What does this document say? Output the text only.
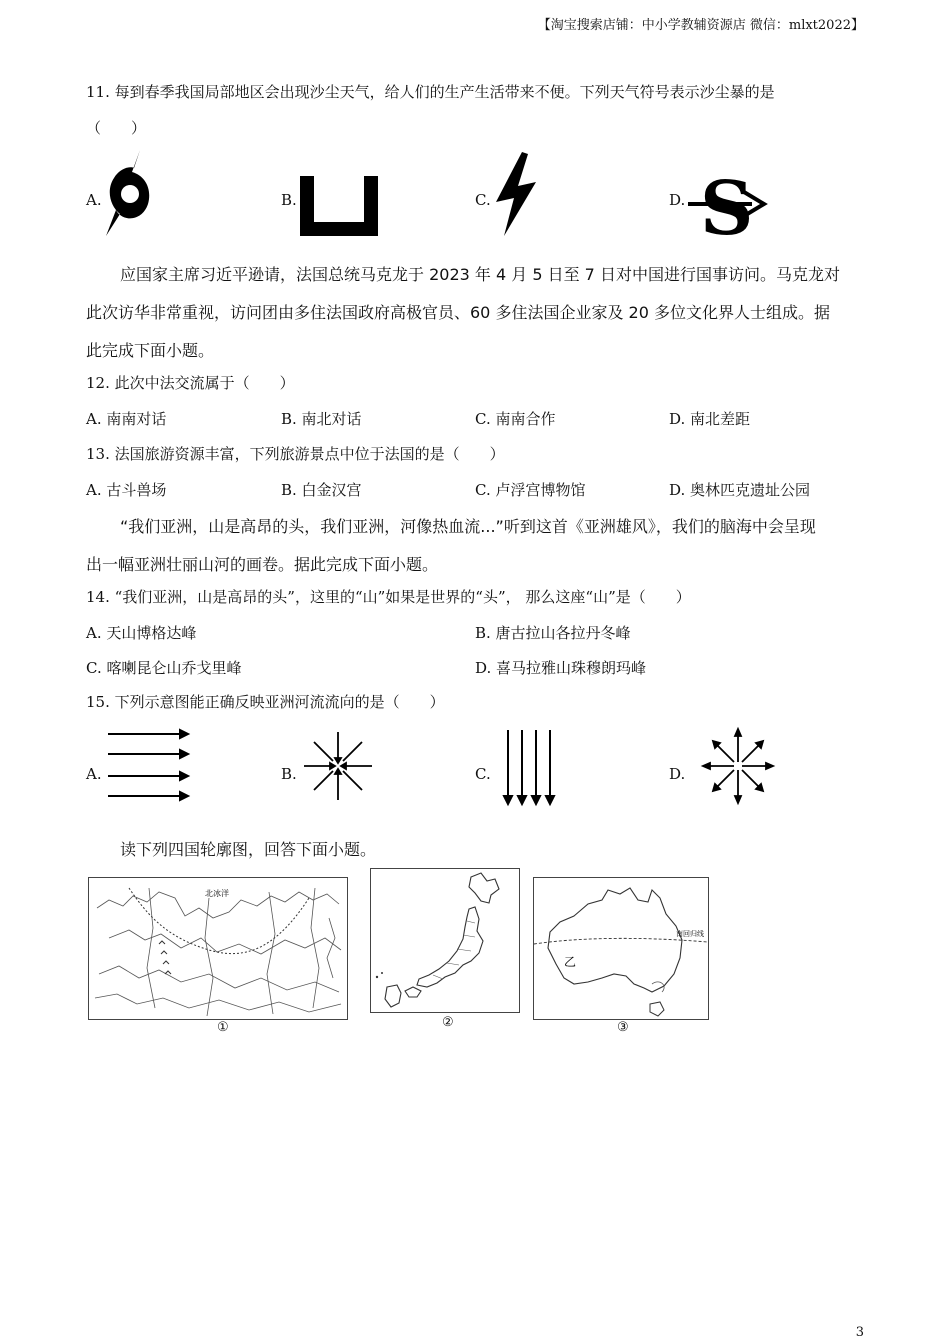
【淘宝搜索店铺：中小学教辅资源店 微信：mlxt2022】
11. 每到春季我国局部地区会出现沙尘天气，给人们的生产生活带来不便。下列天气符号表示沙尘暴的是
（　　）
A.	B.	C.	D. S
应国家主席习近平逊请，法国总统马克龙于 2023 年 4 月 5 日至 7 日对中国进行国事访问。马克龙对
此次访华非常重视，访问团由多住法国政府高极官员、60 多住法国企业家及 20 多位文化界人士组成。据
此完成下面小题。
12. 此次中法交流属于（　　）
A. 南南对话	B. 南北对话	C. 南南合作	D. 南北差距
13. 法国旅游资源丰富，下列旅游景点中位于法国的是（　　）
A. 古斗兽场	B. 白金汉宫	C. 卢浮宫博物馆	D. 奥林匹克遗址公园
“我们亚洲，山是高昂的头，我们亚洲，河像热血流...”听到这首《亚洲雄风》，我们的脑海中会呈现
出一幅亚洲壮丽山河的画卷。据此完成下面小题。
14. “我们亚洲，山是高昂的头”，这里的“山”如果是世界的“头”， 那么这座“山”是（　　）
A. 天山博格达峰	B. 唐古拉山各拉丹冬峰
C. 喀喇昆仑山乔戈里峰	D. 喜马拉雅山珠穆朗玛峰
15. 下列示意图能正确反映亚洲河流流向的是（　　）
A.	B.	C.	D.
读下列四国轮廓图，回答下面小题。
北冰洋
①	②
南回归线
乙
③
3
